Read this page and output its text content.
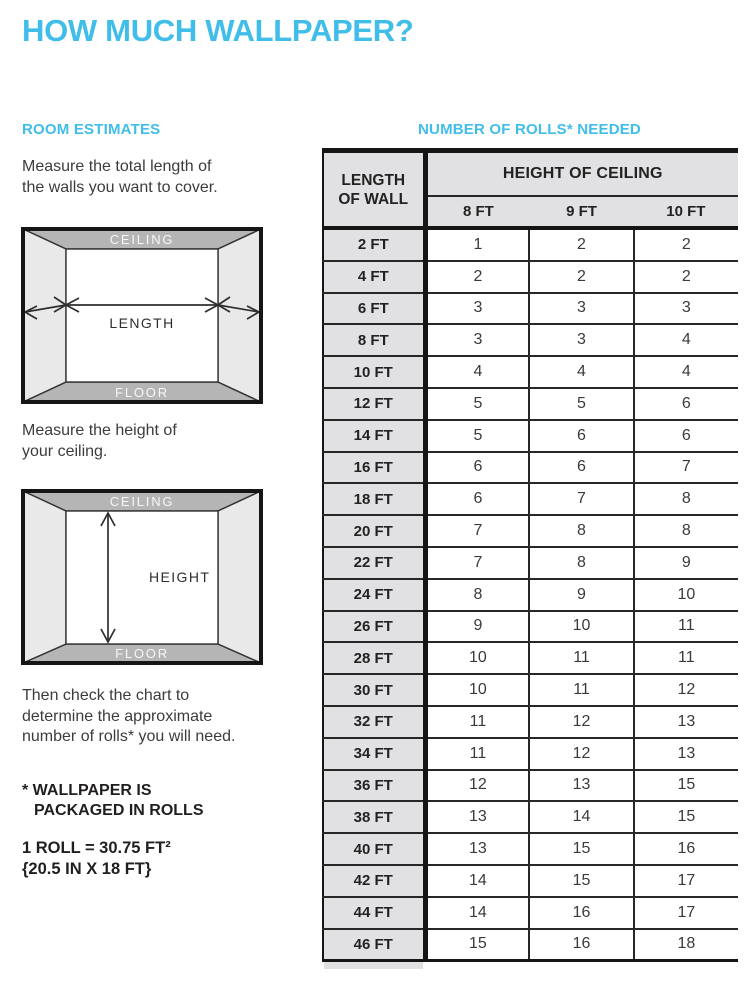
HOW MUCH WALLPAPER?
ROOM ESTIMATES	NUMBER OF ROLLS* NEEDED

Measure the total length of
the walls you want to cover.

CEILING
FLOOR
LENGTH

Measure the height of
your ceiling.

CEILING
FLOOR
HEIGHT

Then check the chart to
determine the approximate
number of rolls* you will need.

* WALLPAPER IS
PACKAGED IN ROLLS

1 ROLL = 30.75 FT²
{20.5 IN X 18 FT}

LENGTH
OF WALL	HEIGHT OF CEILING		
	8 FT	9 FT	10 FT
2 FT	1	2	2
4 FT	2	2	2
6 FT	3	3	3
8 FT	3	3	4
10 FT	4	4	4
12 FT	5	5	6
14 FT	5	6	6
16 FT	6	6	7
18 FT	6	7	8
20 FT	7	8	8
22 FT	7	8	9
24 FT	8	9	10
26 FT	9	10	11
28 FT	10	11	11
30 FT	10	11	12
32 FT	11	12	13
34 FT	11	12	13
36 FT	12	13	15
38 FT	13	14	15
40 FT	13	15	16
42 FT	14	15	17
44 FT	14	16	17
46 FT	15	16	18
